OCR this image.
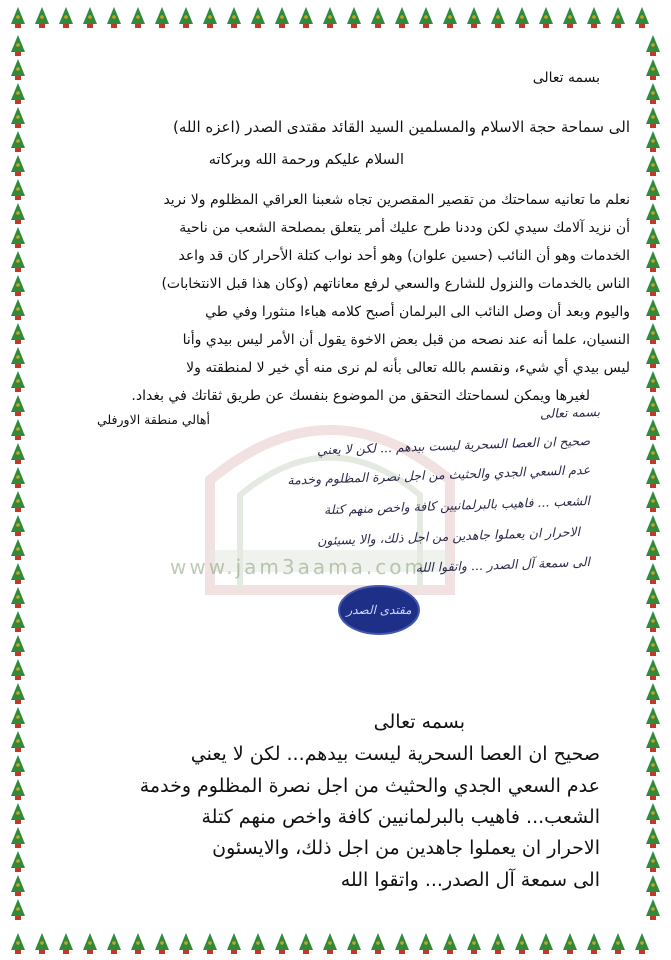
www.jam3aama.com
بسمه تعالى
الى سماحة حجة الاسلام والمسلمين السيد القائد مقتدى الصدر (اعزه الله)
السلام عليكم ورحمة الله وبركاته
نعلم ما تعانيه سماحتك من تقصير المقصرين تجاه شعبنا العراقي المظلوم ولا نريد
أن نزيد آلامك سيدي لكن وددنا طرح عليك أمر يتعلق بمصلحة الشعب من ناحية
الخدمات وهو أن النائب (حسين علوان) وهو أحد نواب كتلة الأحرار كان قد واعد
الناس بالخدمات والنزول للشارع والسعي لرفع معاناتهم (وكان هذا قبل الانتخابات)
واليوم وبعد أن وصل النائب الى البرلمان أصبح كلامه هباءا منثورا وفي طي
النسيان، علما أنه عند نصحه من قبل بعض الاخوة يقول أن الأمر ليس بيدي وأنا
ليس بيدي أي شيء، ونقسم بالله تعالى بأنه لم نرى منه أي خير لا لمنطقته ولا
لغيرها ويمكن لسماحتك التحقق من الموضوع بنفسك عن طريق ثقاتك في بغداد.
أهالي منطقة الاورفلي	بسمه تعالى
صحيح ان العصا السحرية ليست بيدهم ... لكن لا يعني
عدم السعي الجدي والحثيث من اجل نصرة المظلوم وخدمة
الشعب ... فاهيب بالبرلمانيين كافة واخص منهم كتلة
الاحرار ان يعملوا جاهدين من اجل ذلك، والا يسيئون
الى سمعة آل الصدر ... واتقوا الله
بسمه تعالى
صحيح ان العصا السحرية ليست بيدهم... لكن لا يعني
عدم السعي الجدي والحثيث من اجل نصرة المظلوم وخدمة
الشعب... فاهيب بالبرلمانيين كافة واخص منهم كتلة
الاحرار ان يعملوا جاهدين من اجل ذلك، والايسئون
الى سمعة آل الصدر... واتقوا الله
مقتدى الصدر
